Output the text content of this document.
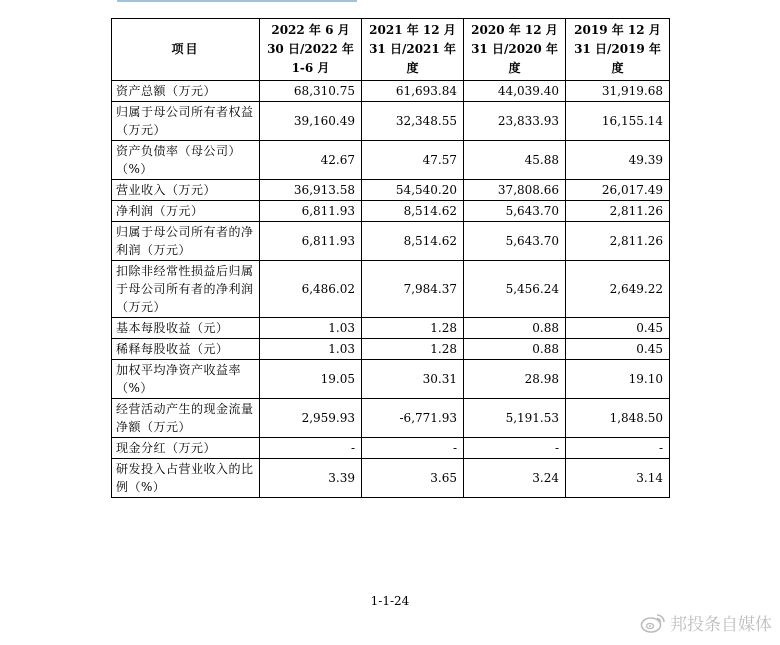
项目	2022 年 6 月 30 日/2022 年 1-6 月	2021 年 12 月 31 日/2021 年度	2020 年 12 月 31 日/2020 年度	2019 年 12 月 31 日/2019 年度
资产总额（万元）	68,310.75	61,693.84	44,039.40	31,919.68
归属于母公司所有者权益（万元）	39,160.49	32,348.55	23,833.93	16,155.14
资产负债率（母公司）（%）	42.67	47.57	45.88	49.39
营业收入（万元）	36,913.58	54,540.20	37,808.66	26,017.49
净利润（万元）	6,811.93	8,514.62	5,643.70	2,811.26
归属于母公司所有者的净利润（万元）	6,811.93	8,514.62	5,643.70	2,811.26
扣除非经常性损益后归属于母公司所有者的净利润（万元）	6,486.02	7,984.37	5,456.24	2,649.22
基本每股收益（元）	1.03	1.28	0.88	0.45
稀释每股收益（元）	1.03	1.28	0.88	0.45
加权平均净资产收益率（%）	19.05	30.31	28.98	19.10
经营活动产生的现金流量净额（万元）	2,959.93	-6,771.93	5,191.53	1,848.50
现金分红（万元）	-	-	-	-
研发投入占营业收入的比例（%）	3.39	3.65	3.24	3.14
1-1-24
邦投条自媒体
